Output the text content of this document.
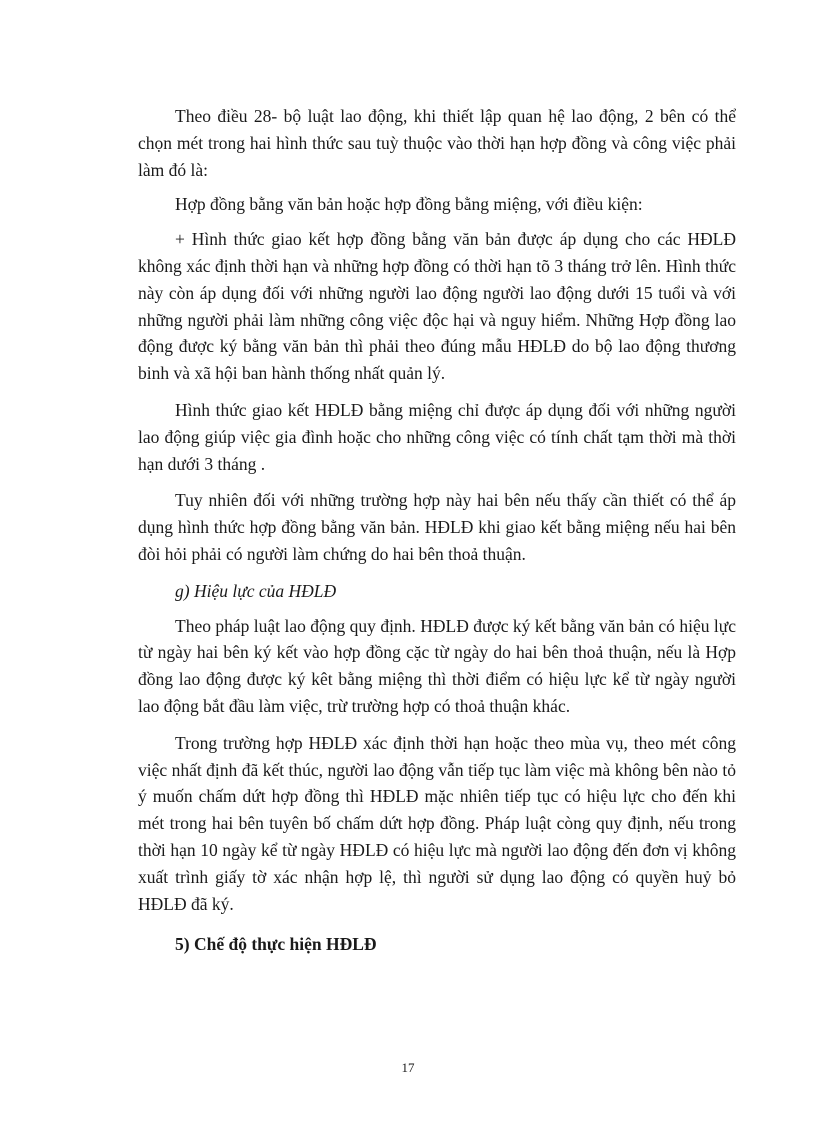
Theo điều 28- bộ luật lao động, khi thiết lập quan hệ lao động, 2 bên có thể chọn mét trong hai hình thức sau tuỳ thuộc vào thời hạn hợp đồng và công việc phải làm đó là:

Hợp đồng bằng văn bản hoặc hợp đồng bằng miệng, với điều kiện:

+ Hình thức giao kết hợp đồng bằng văn bản được áp dụng cho các HĐLĐ không xác định thời hạn và những hợp đồng có thời hạn tõ 3 tháng trở lên. Hình thức này còn áp dụng đối với những người lao động người lao động dưới 15 tuổi và với những người phải làm những công việc độc hại và nguy hiểm. Những Hợp đồng lao động được ký bằng văn bản thì phải theo đúng mẫu HĐLĐ do bộ lao động thương binh và xã hội ban hành thống nhất quản lý.

Hình thức giao kết HĐLĐ bằng miệng chỉ được áp dụng đối với những người lao động giúp việc gia đình hoặc cho những công việc có tính chất tạm thời mà thời hạn dưới 3 tháng .

Tuy nhiên đối với những trường hợp này hai bên nếu thấy cần thiết có thể áp dụng hình thức hợp đồng bằng văn bản. HĐLĐ khi giao kết bằng miệng nếu hai bên đòi hỏi phải có người làm chứng do hai bên thoả thuận.

g) Hiệu lực của HĐLĐ

Theo pháp luật lao động quy định. HĐLĐ được ký kết bằng văn bản có hiệu lực từ ngày hai bên ký kết vào hợp đồng cặc từ ngày do hai bên thoả thuận, nếu là Hợp đồng lao động được ký kêt bằng miệng thì thời điểm có hiệu lực kể từ ngày người lao động bắt đầu làm việc, trừ trường hợp có thoả thuận khác.

Trong trường hợp HĐLĐ xác định thời hạn hoặc theo mùa vụ, theo mét công việc nhất định đã kết thúc, người lao động vẫn tiếp tục làm việc mà không bên nào tỏ ý muốn chấm dứt hợp đồng thì HĐLĐ mặc nhiên tiếp tục có hiệu lực cho đến khi mét trong hai bên tuyên bố chấm dứt hợp đồng. Pháp luật còng quy định, nếu trong thời hạn 10 ngày kể từ ngày HĐLĐ có hiệu lực mà người lao động đến đơn vị không xuất trình giấy tờ xác nhận hợp lệ, thì người sử dụng lao động có quyền huỷ bỏ HĐLĐ đã ký.

5) Chế độ thực hiện HĐLĐ
17
